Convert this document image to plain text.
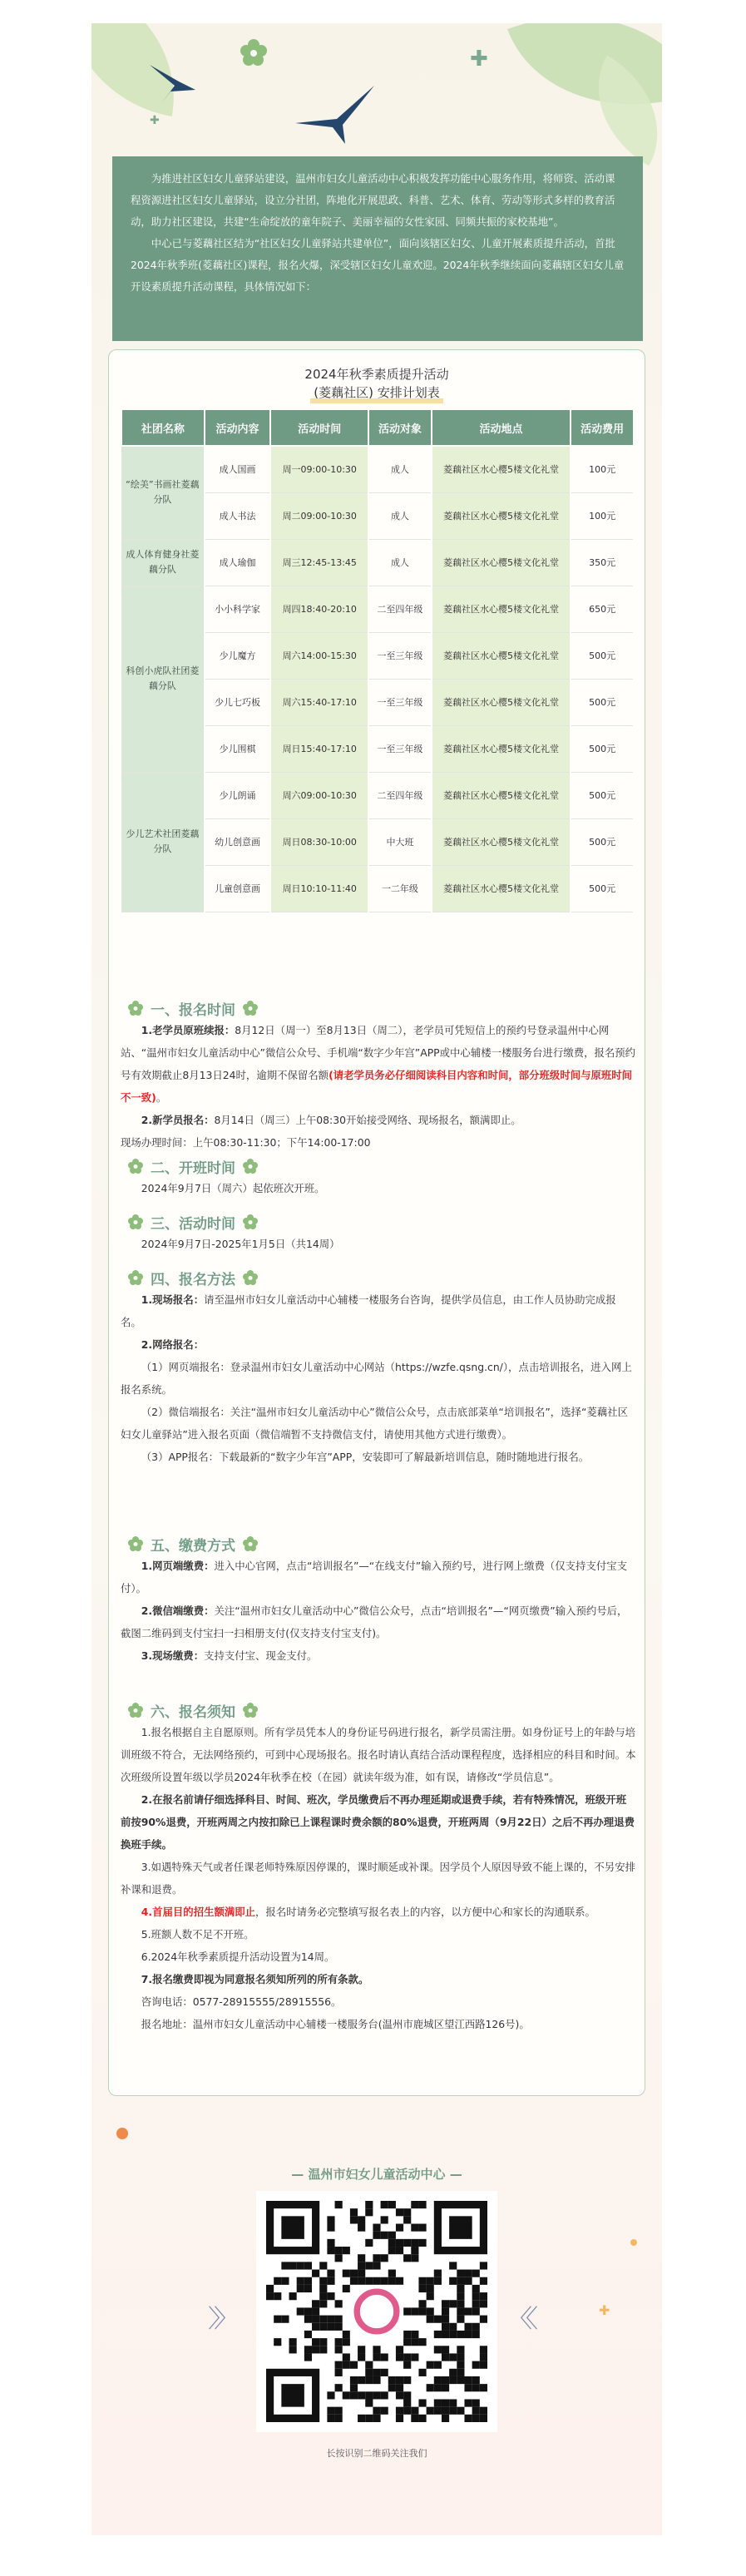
✚
✚

为推进社区妇女儿童驿站建设，温州市妇女儿童活动中心积极发挥功能中心服务作用，将师资、活动课程资源进社区妇女儿童驿站，设立分社团，阵地化开展思政、科普、艺术、体育、劳动等形式多样的教育活动，助力社区建设，共建“生命绽放的童年院子、美丽幸福的女性家园、同频共振的家校基地”。

中心已与菱藕社区结为“社区妇女儿童驿站共建单位”，面向该辖区妇女、儿童开展素质提升活动，首批2024年秋季班(菱藕社区)课程，报名火爆，深受辖区妇女儿童欢迎。2024年秋季继续面向菱藕辖区妇女儿童开设素质提升活动课程，具体情况如下：

2024年秋季素质提升活动
(菱藕社区) 安排计划表
社团名称	活动内容	活动时间	活动对象	活动地点	活动费用
“绘美”书画社菱藕分队	成人国画	周一09:00-10:30	成人	菱藕社区水心樱5楼文化礼堂	100元
	成人书法	周二09:00-10:30	成人	菱藕社区水心樱5楼文化礼堂	100元
成人体育健身社菱藕分队	成人瑜伽	周三12:45-13:45	成人	菱藕社区水心樱5楼文化礼堂	350元
科创小虎队社团菱藕分队	小小科学家	周四18:40-20:10	二至四年级	菱藕社区水心樱5楼文化礼堂	650元
	少儿魔方	周六14:00-15:30	一至三年级	菱藕社区水心樱5楼文化礼堂	500元
	少儿七巧板	周六15:40-17:10	一至三年级	菱藕社区水心樱5楼文化礼堂	500元
	少儿围棋	周日15:40-17:10	一至三年级	菱藕社区水心樱5楼文化礼堂	500元
少儿艺术社团菱藕分队	少儿朗诵	周六09:00-10:30	二至四年级	菱藕社区水心樱5楼文化礼堂	500元
	幼儿创意画	周日08:30-10:00	中大班	菱藕社区水心樱5楼文化礼堂	500元
	儿童创意画	周日10:10-11:40	一二年级	菱藕社区水心樱5楼文化礼堂	500元
一、报名时间

1.老学员原班续报：8月12日（周一）至8月13日（周二），老学员可凭短信上的预约号登录温州中心网站、“温州市妇女儿童活动中心”微信公众号、手机端“数字少年宫”APP或中心辅楼一楼服务台进行缴费，报名预约号有效期截止8月13日24时，逾期不保留名额(请老学员务必仔细阅读科目内容和时间，部分班级时间与原班时间不一致)。

2.新学员报名：8月14日（周三）上午08:30开始接受网络、现场报名，额满即止。

现场办理时间：上午08:30-11:30；下午14:00-17:00

二、开班时间

2024年9月7日（周六）起依班次开班。

三、活动时间

2024年9月7日-2025年1月5日（共14周）

四、报名方法

1.现场报名：请至温州市妇女儿童活动中心辅楼一楼服务台咨询，提供学员信息，由工作人员协助完成报名。

2.网络报名：

（1）网页端报名：登录温州市妇女儿童活动中心网站（https://wzfe.qsng.cn/），点击培训报名，进入网上报名系统。

（2）微信端报名：关注“温州市妇女儿童活动中心”微信公众号，点击底部菜单“培训报名”，选择“菱藕社区妇女儿童驿站”进入报名页面（微信端暂不支持微信支付，请使用其他方式进行缴费）。

（3）APP报名：下载最新的“数字少年宫”APP，安装即可了解最新培训信息，随时随地进行报名。

五、缴费方式

1.网页端缴费：进入中心官网，点击“培训报名”—“在线支付”输入预约号，进行网上缴费（仅支持支付宝支付）。

2.微信端缴费：关注“温州市妇女儿童活动中心”微信公众号，点击“培训报名”—“网页缴费”输入预约号后，截图二维码到支付宝扫一扫相册支付(仅支持支付宝支付)。

3.现场缴费：支持支付宝、现金支付。

六、报名须知

1.报名根据自主自愿原则。所有学员凭本人的身份证号码进行报名，新学员需注册。如身份证号上的年龄与培训班级不符合，无法网络预约，可到中心现场报名。报名时请认真结合活动课程程度，选择相应的科目和时间。本次班级所设置年级以学员2024年秋季在校（在园）就读年级为准，如有误，请修改“学员信息”。

2.在报名前请仔细选择科目、时间、班次，学员缴费后不再办理延期或退费手续，若有特殊情况，班级开班前按90%退费，开班两周之内按扣除已上课程课时费余额的80%退费，开班两周（9月22日）之后不再办理退费换班手续。

3.如遇特殊天气或者任课老师特殊原因停课的，课时顺延或补课。因学员个人原因导致不能上课的，不另安排补课和退费。

4.首届目的招生额满即止，报名时请务必完整填写报名表上的内容，以方便中心和家长的沟通联系。

5.班额人数不足不开班。

6.2024年秋季素质提升活动设置为14周。

7.报名缴费即视为同意报名须知所列的所有条款。

咨询电话：0577-28915555/28915556。

报名地址：温州市妇女儿童活动中心辅楼一楼服务台(温州市鹿城区望江西路126号)。

✚
〉〉	〈〈
— 温州市妇女儿童活动中心 —
长按识别二维码关注我们
